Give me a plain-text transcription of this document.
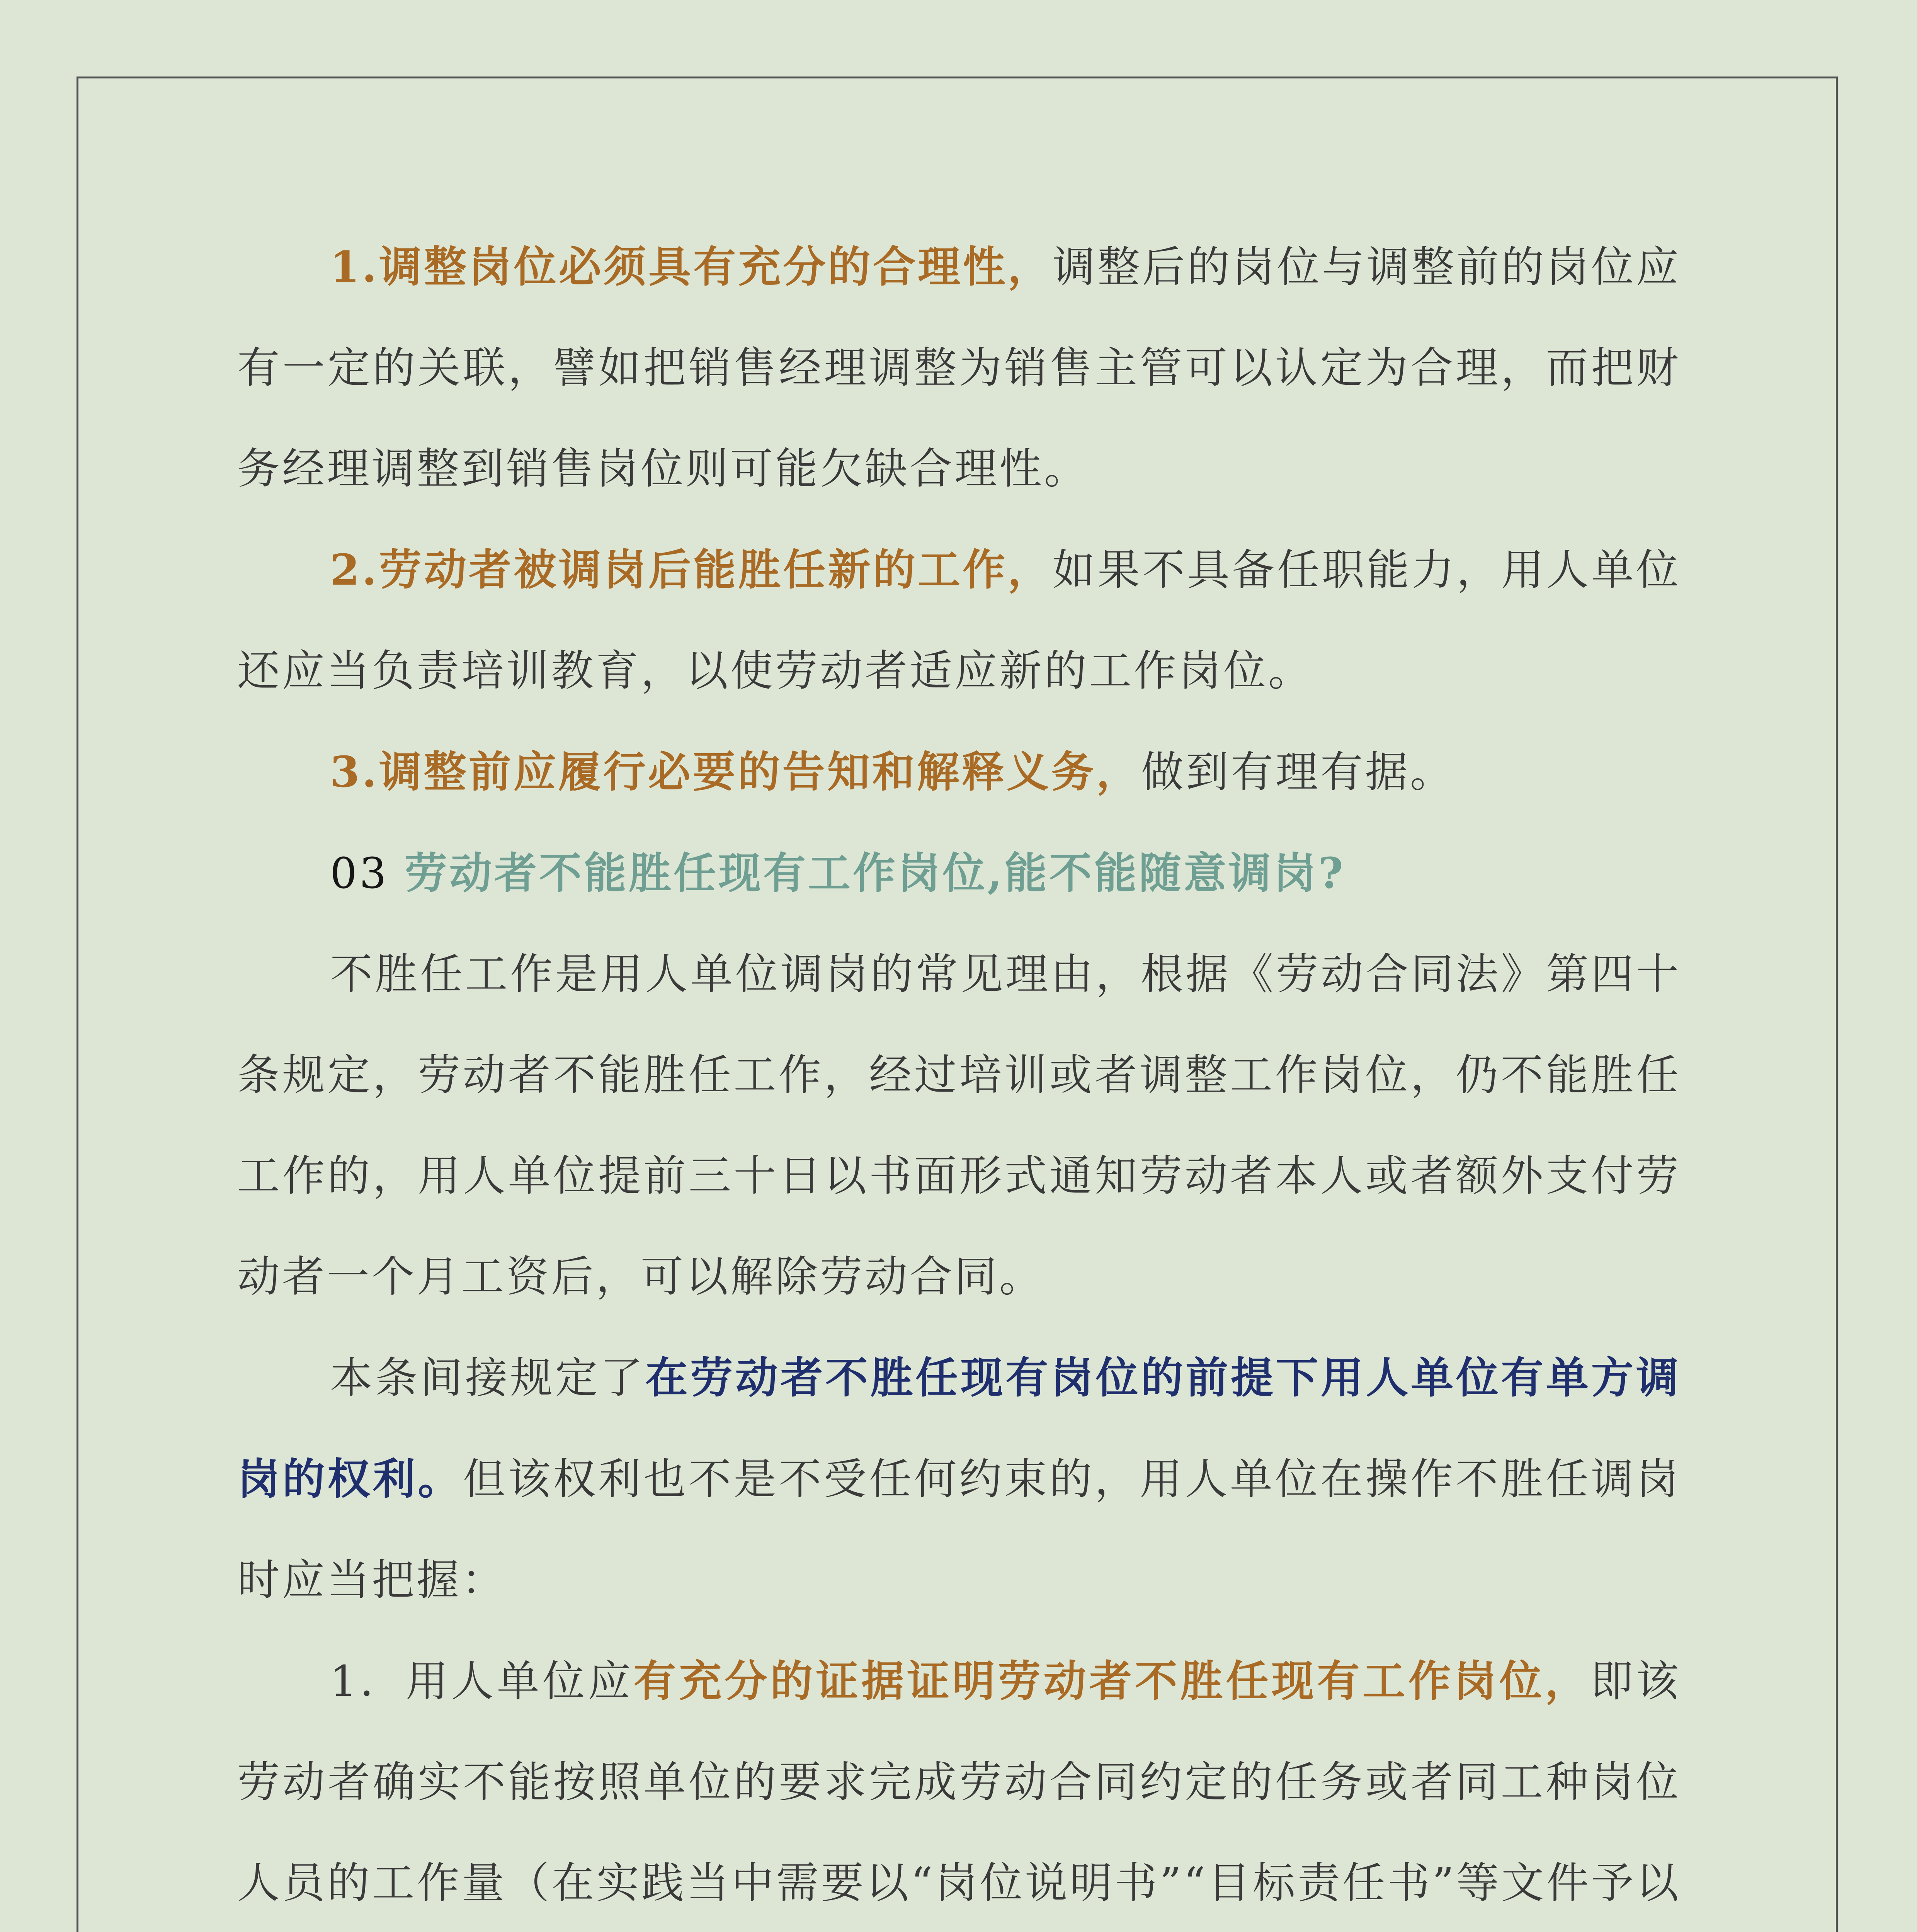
1.调整岗位必须具有充分的合理性，调整后的岗位与调整前的岗位应有一定的关联，譬如把销售经理调整为销售主管可以认定为合理，而把财务经理调整到销售岗位则可能欠缺合理性。

2.劳动者被调岗后能胜任新的工作，如果不具备任职能力，用人单位还应当负责培训教育，以使劳动者适应新的工作岗位。

3.调整前应履行必要的告知和解释义务，做到有理有据。

03 劳动者不能胜任现有工作岗位,能不能随意调岗?

不胜任工作是用人单位调岗的常见理由，根据《劳动合同法》第四十条规定，劳动者不能胜任工作，经过培训或者调整工作岗位，仍不能胜任工作的，用人单位提前三十日以书面形式通知劳动者本人或者额外支付劳动者一个月工资后，可以解除劳动合同。

本条间接规定了在劳动者不胜任现有岗位的前提下用人单位有单方调岗的权利。但该权利也不是不受任何约束的，用人单位在操作不胜任调岗时应当把握：

1．用人单位应有充分的证据证明劳动者不胜任现有工作岗位，即该劳动者确实不能按照单位的要求完成劳动合同约定的任务或者同工种岗位人员的工作量（在实践当中需要以“岗位说明书”“目标责任书”等文件予以
